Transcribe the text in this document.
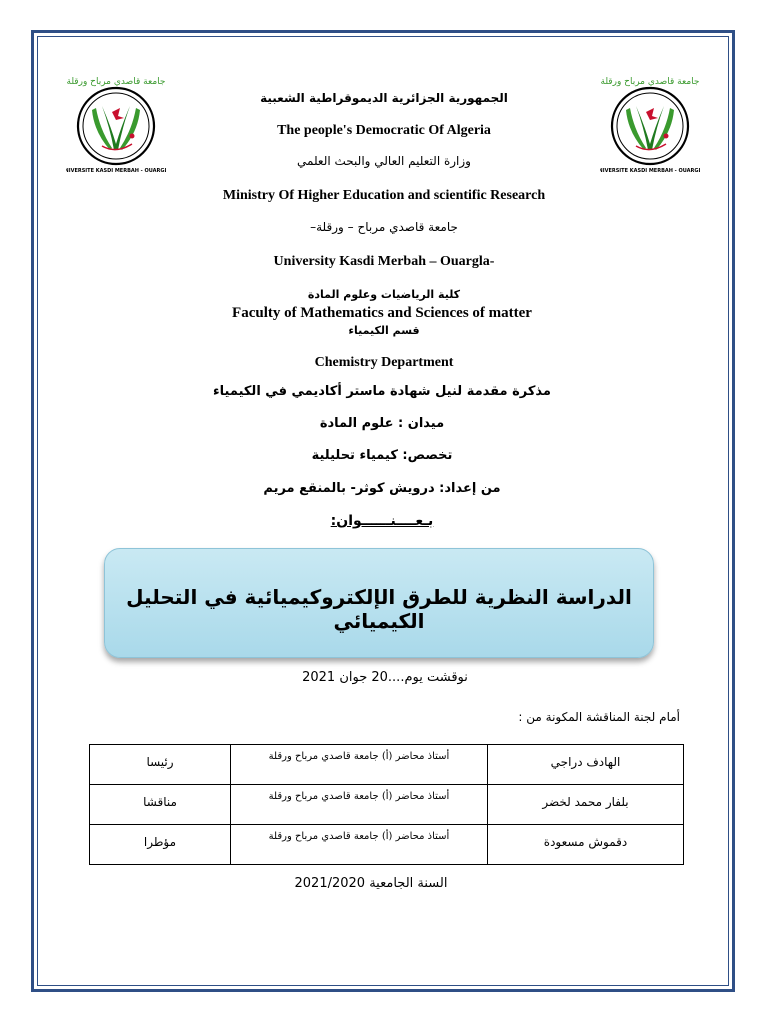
جامعة قاصدي مرباح ورقلة
UNIVERSITE KASDI MERBAH - OUARGLA
جامعة قاصدي مرباح ورقلة
UNIVERSITE KASDI MERBAH - OUARGLA
الجمهورية الجزائرية الديموقراطية الشعبية
The people's Democratic Of Algeria
وزارة التعليم العالي والبحث العلمي
Ministry Of Higher Education and scientific Research
جامعة قاصدي مرباح – ورقلة–
University Kasdi Merbah – Ouargla-
كلية الرياضيات وعلوم المادة
Faculty of Mathematics and Sciences of matter
قسم الكيمياء
Chemistry Department
مذكرة مقدمة لنيل شهادة ماستر أكاديمي في الكيمياء
ميدان : علوم المادة
تخصص: كيمياء تحليلية
من إعداد: درويش كوثر- بالمنقع مريم
بـعــــنــــــوان:
الدراسة النظرية للطرق الإلكتروكيميائية في التحليل الكيميائي
نوقشت يوم....20 جوان 2021
أمام لجنة المناقشة المكونة من :
الهادف دراجي	أستاذ محاضر (أ) جامعة قاصدي مرباح ورقلة	رئيسا
بلفار محمد لخضر	أستاذ محاضر (أ) جامعة قاصدي مرباح ورقلة	مناقشا
دقموش مسعودة	أستاذ محاضر (أ) جامعة قاصدي مرباح ورقلة	مؤطرا
السنة الجامعية 2021/2020
